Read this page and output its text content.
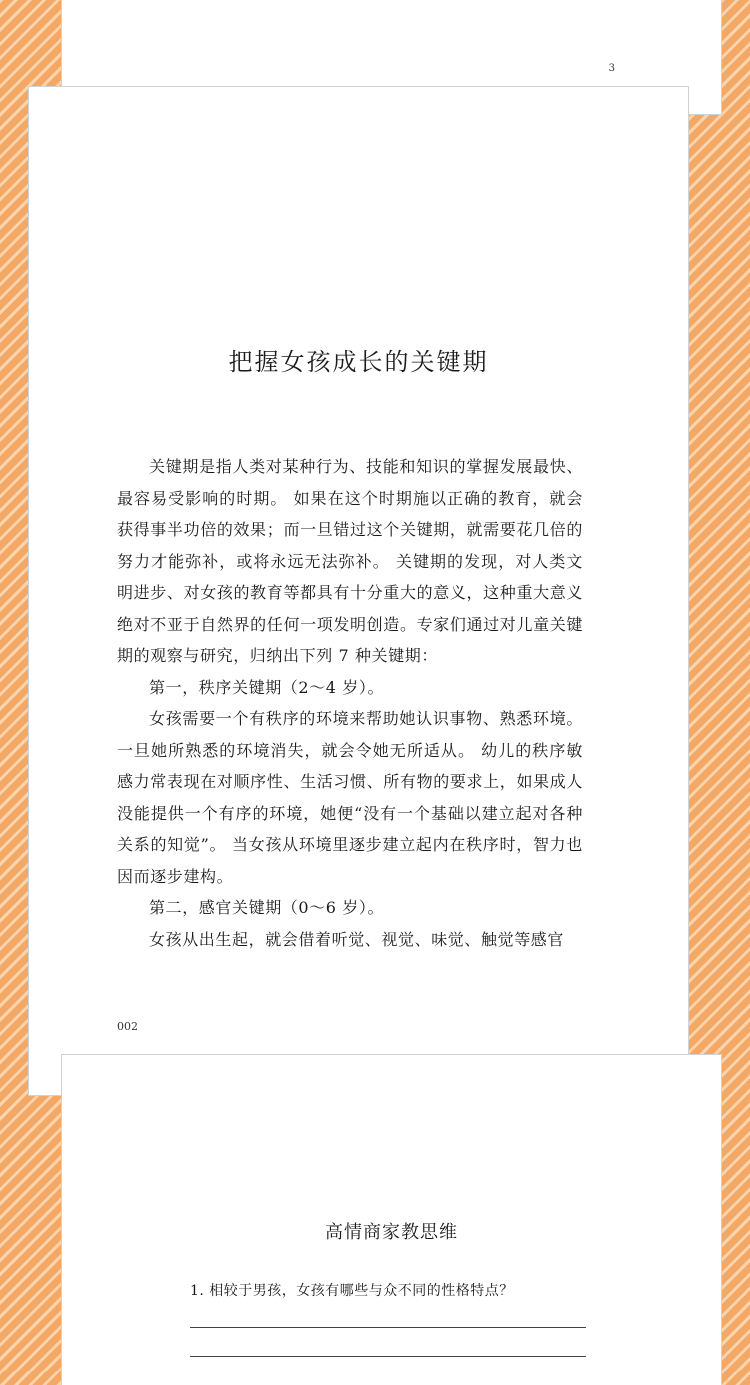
3
把握女孩成长的关键期

关键期是指人类对某种行为、技能和知识的掌握发展最快、最容易受影响的时期。 如果在这个时期施以正确的教育，就会获得事半功倍的效果；而一旦错过这个关键期，就需要花几倍的努力才能弥补，或将永远无法弥补。 关键期的发现，对人类文明进步、对女孩的教育等都具有十分重大的意义，这种重大意义绝对不亚于自然界的任何一项发明创造。专家们通过对儿童关键期的观察与研究，归纳出下列 7 种关键期：

第一，秩序关键期（2～4 岁）。

女孩需要一个有秩序的环境来帮助她认识事物、熟悉环境。 一旦她所熟悉的环境消失，就会令她无所适从。 幼儿的秩序敏感力常表现在对顺序性、生活习惯、所有物的要求上，如果成人没能提供一个有序的环境，她便“没有一个基础以建立起对各种关系的知觉”。 当女孩从环境里逐步建立起内在秩序时，智力也因而逐步建构。

第二，感官关键期（0～6 岁）。

女孩从出生起，就会借着听觉、视觉、味觉、触觉等感官

002
高情商家教思维
1. 相较于男孩，女孩有哪些与众不同的性格特点？
